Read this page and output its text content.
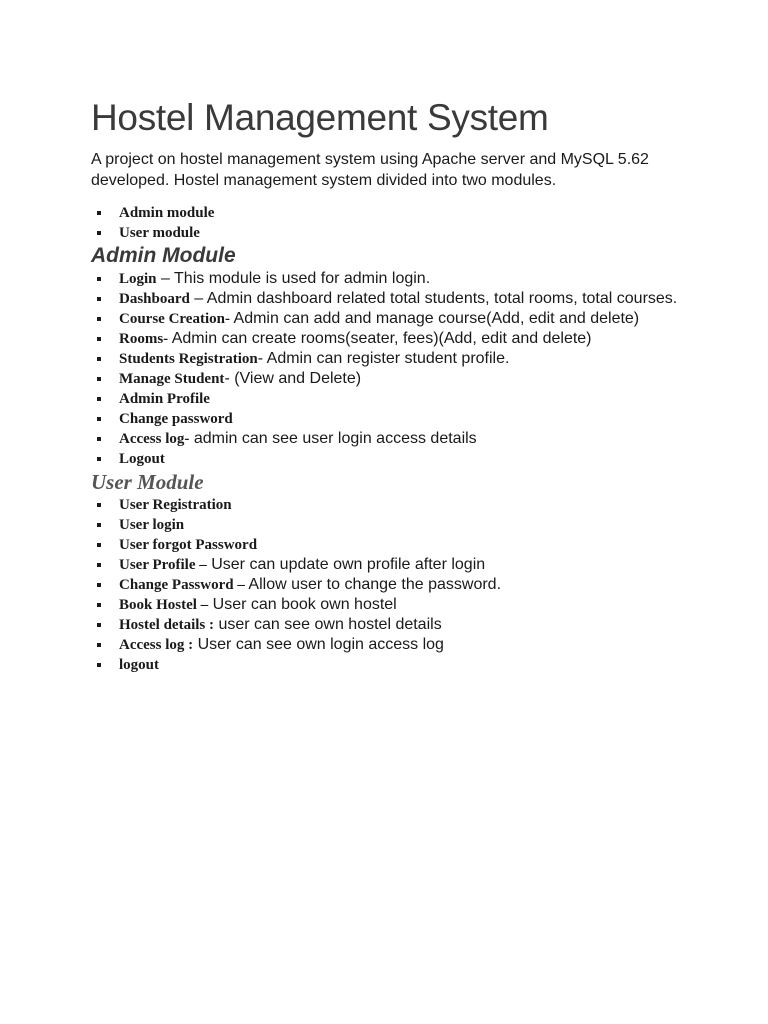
Hostel Management System

A project on hostel management system using Apache server and MySQL 5.62 developed. Hostel management system divided into two modules.

Admin module
User module
Admin Module
Login – This module is used for admin login.
Dashboard – Admin dashboard related total students, total rooms, total courses.
Course Creation- Admin can add and manage course(Add, edit and delete)
Rooms- Admin can create rooms(seater, fees)(Add, edit and delete)
Students Registration- Admin can register student profile.
Manage Student- (View and Delete)
Admin Profile
Change password
Access log- admin can see user login access details
Logout
User Module
User Registration
User login
User forgot Password
User Profile – User can update own profile after login
Change Password – Allow user to change the password.
Book Hostel – User can book own hostel
Hostel details : user can see own hostel details
Access log : User can see own login access log
logout
